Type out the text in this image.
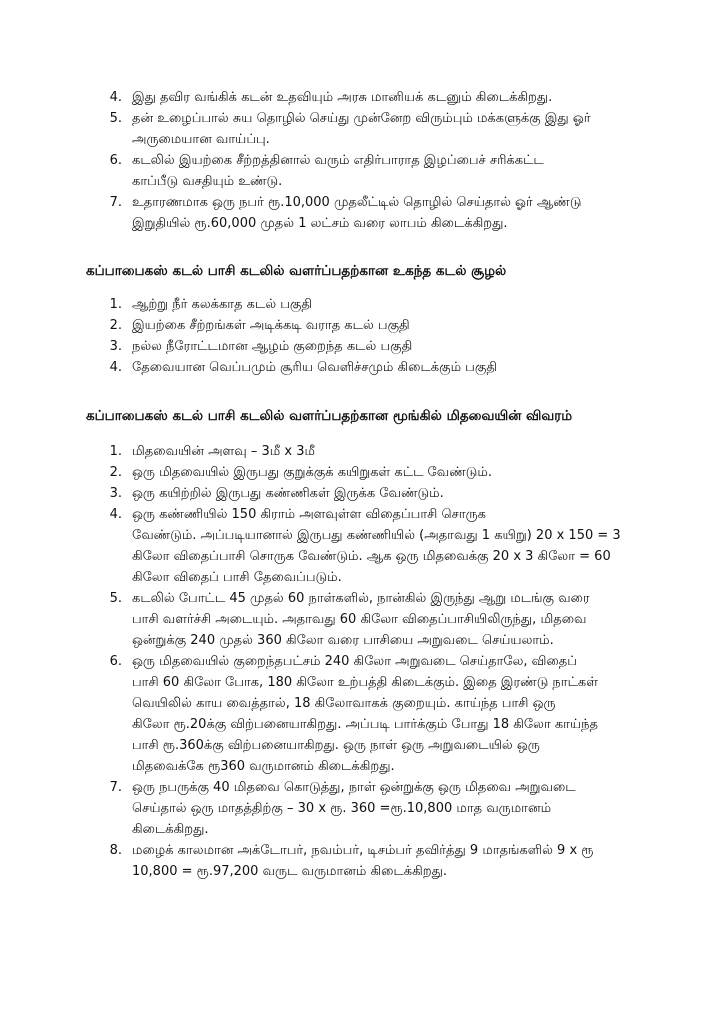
4. இது தவிர வங்கிக் கடன் உதவியும் அரசு மானியக் கடனும் கிடைக்கிறது.
5. தன் உழைப்பால் சுய தொழில் செய்து முன்னேற விரும்பும் மக்களுக்கு இது ஓர்
அருமையான வாய்ப்பு.
6. கடலில் இயற்கை சீற்றத்தினால் வரும் எதிர்பாராத இழப்பைச் சரிக்கட்ட
காப்பீடு வசதியும் உண்டு.
7. உதாரணமாக ஒரு நபர் ரூ.10,000 முதலீட்டில் தொழில் செய்தால் ஓர் ஆண்டு
இறுதியில் ரூ.60,000 முதல் 1 லட்சம் வரை லாபம் கிடைக்கிறது.
கப்பாபைகஸ் கடல் பாசி கடலில் வளர்ப்பதற்கான உகந்த கடல் சூழல்
1. ஆற்று நீர் கலக்காத கடல் பகுதி
2. இயற்கை சீற்றங்கள் அடிக்கடி வராத கடல் பகுதி
3. நல்ல நீரோட்டமான ஆழம் குறைந்த கடல் பகுதி
4. தேவையான வெப்பமும் சூரிய வெளிச்சமும் கிடைக்கும் பகுதி
கப்பாபைகஸ் கடல் பாசி கடலில் வளர்ப்பதற்கான மூங்கில் மிதவையின் விவரம்
1. மிதவையின் அளவு – 3மீ x 3மீ
2. ஒரு மிதவையில் இருபது குறுக்குக் கயிறுகள் கட்ட வேண்டும்.
3. ஒரு கயிற்றில் இருபது கண்ணிகள் இருக்க வேண்டும்.
4. ஒரு கண்ணியில் 150 கிராம் அளவுள்ள விதைப்பாசி சொருக
வேண்டும். அப்படியானால் இருபது கண்ணியில் (அதாவது 1 கயிறு) 20 x 150 = 3
கிலோ விதைப்பாசி சொருக வேண்டும். ஆக ஒரு மிதவைக்கு 20 x 3 கிலோ = 60
கிலோ விதைப் பாசி தேவைப்படும்.
5. கடலில் போட்ட 45 முதல் 60 நாள்களில், நான்கில் இருந்து ஆறு மடங்கு வரை
பாசி வளர்ச்சி அடையும். அதாவது 60 கிலோ விதைப்பாசியிலிருந்து, மிதவை
ஒன்றுக்கு 240 முதல் 360 கிலோ வரை பாசியை அறுவடை செய்யலாம்.
6. ஒரு மிதவையில் குறைந்தபட்சம் 240 கிலோ அறுவடை செய்தாலே, விதைப்
பாசி 60 கிலோ போக, 180 கிலோ உற்பத்தி கிடைக்கும். இதை இரண்டு நாட்கள்
வெயிலில் காய வைத்தால், 18 கிலோவாகக் குறையும். காய்ந்த பாசி ஒரு
கிலோ ரூ.20க்கு விற்பனையாகிறது. அப்படி பார்க்கும் போது 18 கிலோ காய்ந்த
பாசி ரூ.360க்கு விற்பனையாகிறது. ஒரு நாள் ஒரு அறுவடையில் ஒரு
மிதவைக்கே ரூ360 வருமானம் கிடைக்கிறது.
7. ஒரு நபருக்கு 40 மிதவை கொடுத்து, நாள் ஒன்றுக்கு ஒரு மிதவை அறுவடை
செய்தால் ஒரு மாதத்திற்கு – 30 x ரூ. 360 =ரூ.10,800 மாத வருமானம்
கிடைக்கிறது.
8. மழைக் காலமான அக்டோபர், நவம்பர், டிசம்பர் தவிர்த்து 9 மாதங்களில் 9 x ரூ
10,800 = ரூ.97,200 வருட வருமானம் கிடைக்கிறது.
